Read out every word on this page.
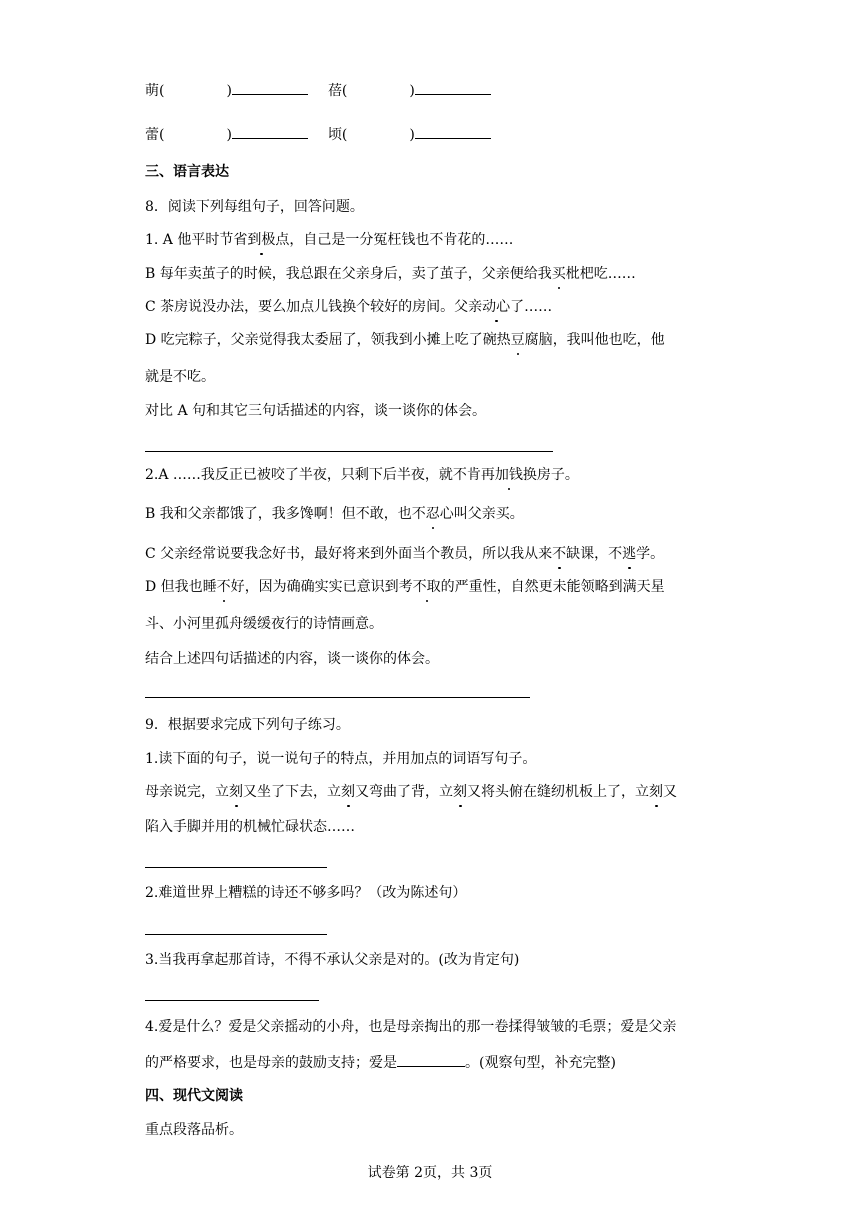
萌(	)	蓓(	)
蕾(	)	顷(	)
三、语言表达
8．阅读下列每组句子，回答问题。
1. A 他平时节省到极点，自己是一分冤枉钱也不肯花的……
B 每年卖茧子的时候，我总跟在父亲身后，卖了茧子，父亲便给我买枇杷吃……
C 茶房说没办法，要么加点儿钱换个较好的房间。父亲动心了……
D 吃完粽子，父亲觉得我太委屈了，领我到小摊上吃了碗热豆腐脑，我叫他也吃，他
就是不吃。
对比 A 句和其它三句话描述的内容，谈一谈你的体会。
2.A ……我反正已被咬了半夜，只剩下后半夜，就不肯再加钱换房子。
B 我和父亲都饿了，我多馋啊！但不敢，也不忍心叫父亲买。
C 父亲经常说要我念好书，最好将来到外面当个教员，所以我从来不缺课，不逃学。
D 但我也睡不好，因为确确实实已意识到考不取的严重性，自然更未能领略到满天星
斗、小河里孤舟缓缓夜行的诗情画意。
结合上述四句话描述的内容，谈一谈你的体会。
9．根据要求完成下列句子练习。
1.读下面的句子，说一说句子的特点，并用加点的词语写句子。
母亲说完，立刻又坐了下去，立刻又弯曲了背，立刻又将头俯在缝纫机板上了，立刻又
陷入手脚并用的机械忙碌状态……
2.难道世界上糟糕的诗还不够多吗？（改为陈述句）
3.当我再拿起那首诗，不得不承认父亲是对的。(改为肯定句)
4.爱是什么？爱是父亲摇动的小舟，也是母亲掏出的那一卷揉得皱皱的毛票；爱是父亲
的严格要求，也是母亲的鼓励支持；爱是	。(观察句型，补充完整)
四、现代文阅读
重点段落品析。
试卷第 2页，共 3页
